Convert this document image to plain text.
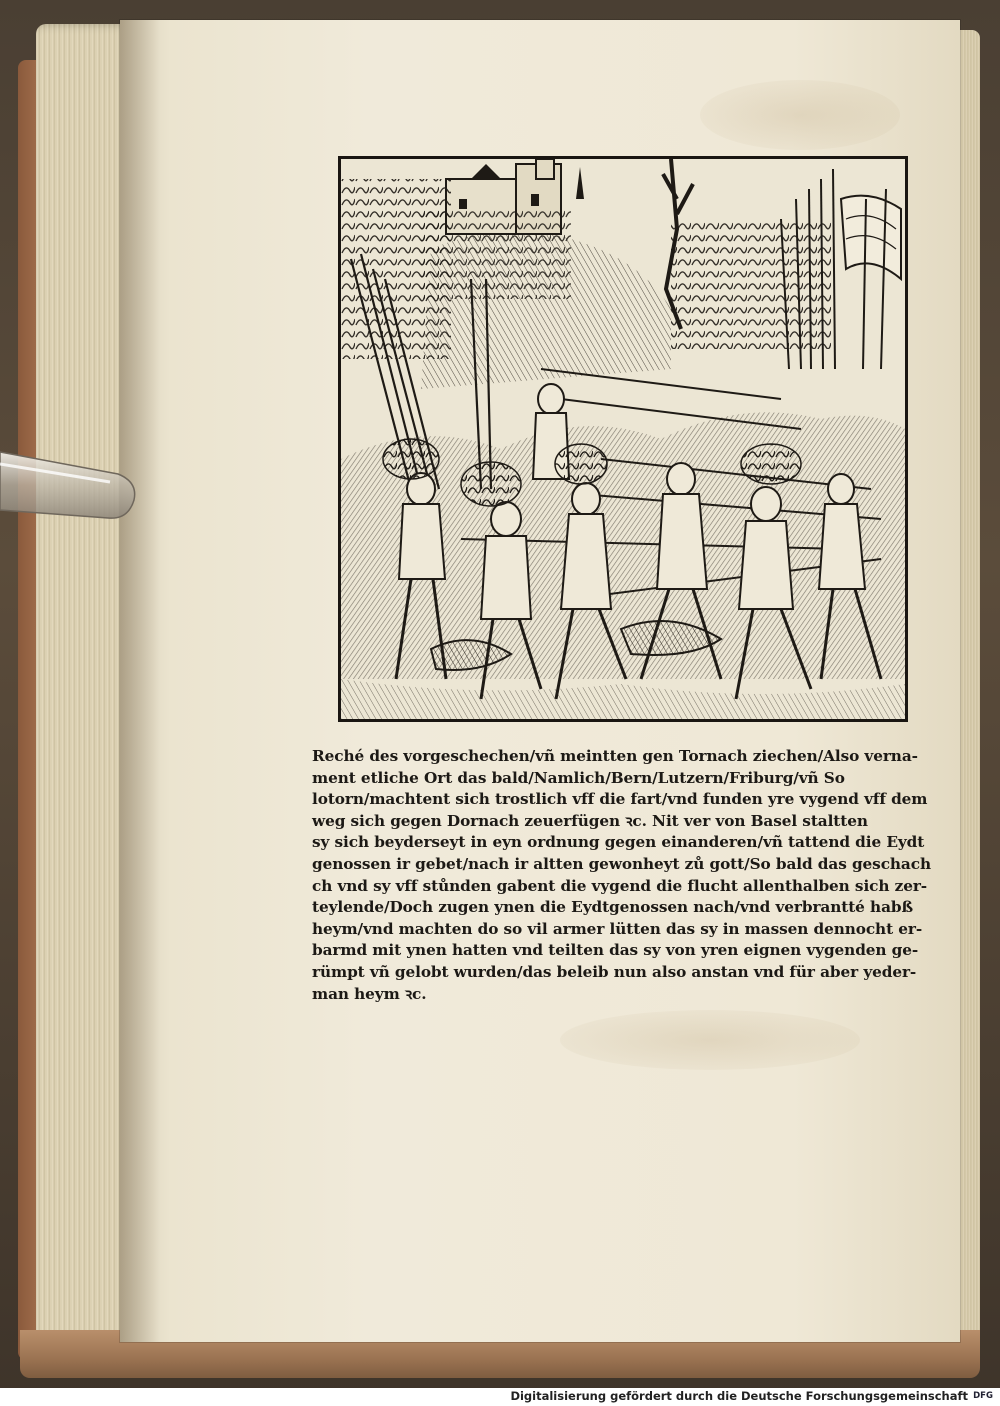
Reché des vorgeschechen/vñ meintten gen Tornach ziechen/Also verna-
ment etliche Ort das bald/Namlich/Bern/Lutzern/Friburg/vñ So
lotorn/machtent sich trostlich vff die fart/vnd funden yre vygend vff dem
weg sich gegen Dornach zeuerfügen ꝛc. Nit ver von Basel staltten
sy sich beyderseyt in eyn ordnung gegen einanderen/vñ tattend die Eydt
genossen ir gebet/nach ir altten gewonheyt zů gott/So bald das geschach
ch vnd sy vff stůnden gabent die vygend die flucht allenthalben sich zer-
teylende/Doch zugen ynen die Eydtgenossen nach/vnd verbrantté habß
heym/vnd machten do so vil armer lütten das sy in massen dennocht er-
barmd mit ynen hatten vnd teilten das sy von yren eignen vygenden ge-
rümpt vñ gelobt wurden/das beleib nun also anstan vnd für aber yeder-
man heym ꝛc.
Digitalisierung gefördert durch die Deutsche Forschungsgemeinschaft DFG
